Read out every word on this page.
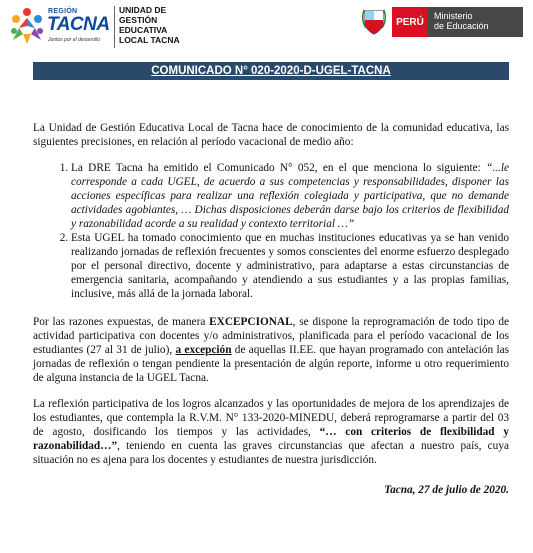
REGIÓN
TACNA
Juntos por el desarrollo
UNIDAD DE
GESTIÓN
EDUCATIVA
LOCAL TACNA
PERÚ
Ministerio
de Educación
COMUNICADO N° 020-2020-D-UGEL-TACNA

La Unidad de Gestión Educativa Local de Tacna hace de conocimiento de la comunidad educativa, las siguientes precisiones, en relación al período vacacional de medio año:

1. La DRE Tacna ha emitido el Comunicado N° 052, en el que menciona lo siguiente: “...le corresponde a cada UGEL, de acuerdo a sus competencias y responsabilidades, disponer las acciones específicas para realizar una reflexión colegiada y participativa, que no demande actividades agobiantes, … Dichas disposiciones deberán darse bajo los criterios de flexibilidad y razonabilidad acorde a su realidad y contexto territorial …”
2. Esta UGEL ha tomado conocimiento que en muchas instituciones educativas ya se han venido realizando jornadas de reflexión frecuentes y somos conscientes del enorme esfuerzo desplegado por el personal directivo, docente y administrativo, para adaptarse a estas circunstancias de emergencia sanitaria, acompañando y atendiendo a sus estudiantes y a las propias familias, inclusive, más allá de la jornada laboral.

Por las razones expuestas, de manera EXCEPCIONAL, se dispone la reprogramación de todo tipo de actividad participativa con docentes y/o administrativos, planificada para el período vacacional de los estudiantes (27 al 31 de julio), a excepción de aquellas II.EE. que hayan programado con antelación las jornadas de reflexión o tengan pendiente la presentación de algún reporte, informe u otro requerimiento de alguna instancia de la UGEL Tacna.

La reflexión participativa de los logros alcanzados y las oportunidades de mejora de los aprendizajes de los estudiantes, que contempla la R.V.M. N° 133-2020-MINEDU, deberá reprogramarse a partir del 03 de agosto, dosificando los tiempos y las actividades, “… con criterios de flexibilidad y razonabilidad…”, teniendo en cuenta las graves circunstancias que afectan a nuestro país, cuya situación no es ajena para los docentes y estudiantes de nuestra jurisdicción.

Tacna, 27 de julio de 2020.
